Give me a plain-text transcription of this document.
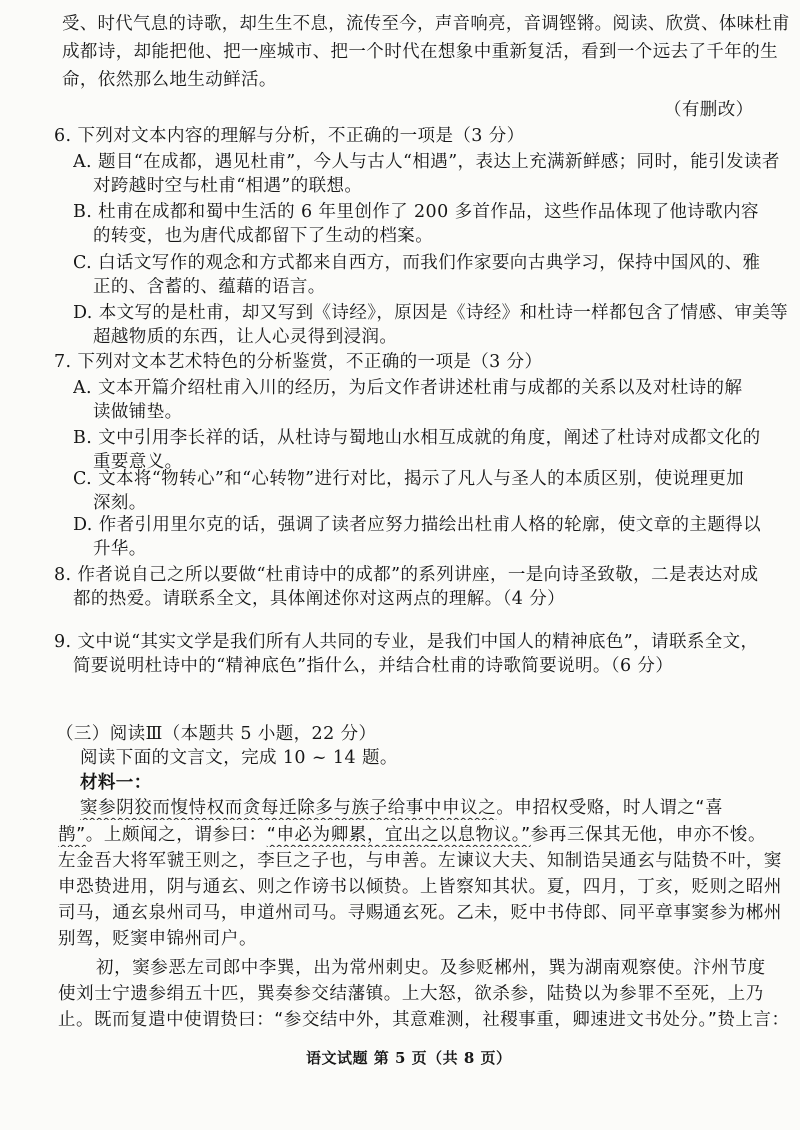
受、时代气息的诗歌，却生生不息，流传至今，声音响亮，音调铿锵。阅读、欣赏、体味杜甫
成都诗，却能把他、把一座城市、把一个时代在想象中重新复活，看到一个远去了千年的生
命，依然那么地生动鲜活。
（有删改）
6. 下列对文本内容的理解与分析，不正确的一项是（3 分）
A. 题目“在成都，遇见杜甫”，今人与古人“相遇”，表达上充满新鲜感；同时，能引发读者
对跨越时空与杜甫“相遇”的联想。
B. 杜甫在成都和蜀中生活的 6 年里创作了 200 多首作品，这些作品体现了他诗歌内容
的转变，也为唐代成都留下了生动的档案。
C. 白话文写作的观念和方式都来自西方，而我们作家要向古典学习，保持中国风的、雅
正的、含蓄的、蕴藉的语言。
D. 本文写的是杜甫，却又写到《诗经》，原因是《诗经》和杜诗一样都包含了情感、审美等
超越物质的东西，让人心灵得到浸润。
7. 下列对文本艺术特色的分析鉴赏，不正确的一项是（3 分）
A. 文本开篇介绍杜甫入川的经历，为后文作者讲述杜甫与成都的关系以及对杜诗的解
读做铺垫。
B. 文中引用李长祥的话，从杜诗与蜀地山水相互成就的角度，阐述了杜诗对成都文化的
重要意义。
C. 文本将“物转心”和“心转物”进行对比，揭示了凡人与圣人的本质区别，使说理更加
深刻。
D. 作者引用里尔克的话，强调了读者应努力描绘出杜甫人格的轮廓，使文章的主题得以
升华。
8. 作者说自己之所以要做“杜甫诗中的成都”的系列讲座，一是向诗圣致敬，二是表达对成
都的热爱。请联系全文，具体阐述你对这两点的理解。（4 分）
9. 文中说“其实文学是我们所有人共同的专业，是我们中国人的精神底色”，请联系全文，
简要说明杜诗中的“精神底色”指什么，并结合杜甫的诗歌简要说明。（6 分）
（三）阅读Ⅲ（本题共 5 小题，22 分）
阅读下面的文言文，完成 10 ~ 14 题。
材料一：
窦参阴狡而愎恃权而贪每迁除多与族子给事中申议之。申招权受赂，时人谓之“喜
鹊”。上颇闻之，谓参曰：“申必为卿累，宜出之以息物议。”参再三保其无他，申亦不悛。
左金吾大将军虢王则之，李巨之子也，与申善。左谏议大夫、知制诰吴通玄与陆贽不叶，窦
申恐贽进用，阴与通玄、则之作谤书以倾贽。上皆察知其状。夏，四月，丁亥，贬则之昭州
司马，通玄泉州司马，申道州司马。寻赐通玄死。乙未，贬中书侍郎、同平章事窦参为郴州
别驾，贬窦申锦州司户。
初，窦参恶左司郎中李巽，出为常州刺史。及参贬郴州，巽为湖南观察使。汴州节度
使刘士宁遗参绢五十匹，巽奏参交结藩镇。上大怒，欲杀参，陆贽以为参罪不至死，上乃
止。既而复遣中使谓贽曰：“参交结中外，其意难测，社稷事重，卿速进文书处分。”贽上言：
语文试题 第 5 页（共 8 页）
